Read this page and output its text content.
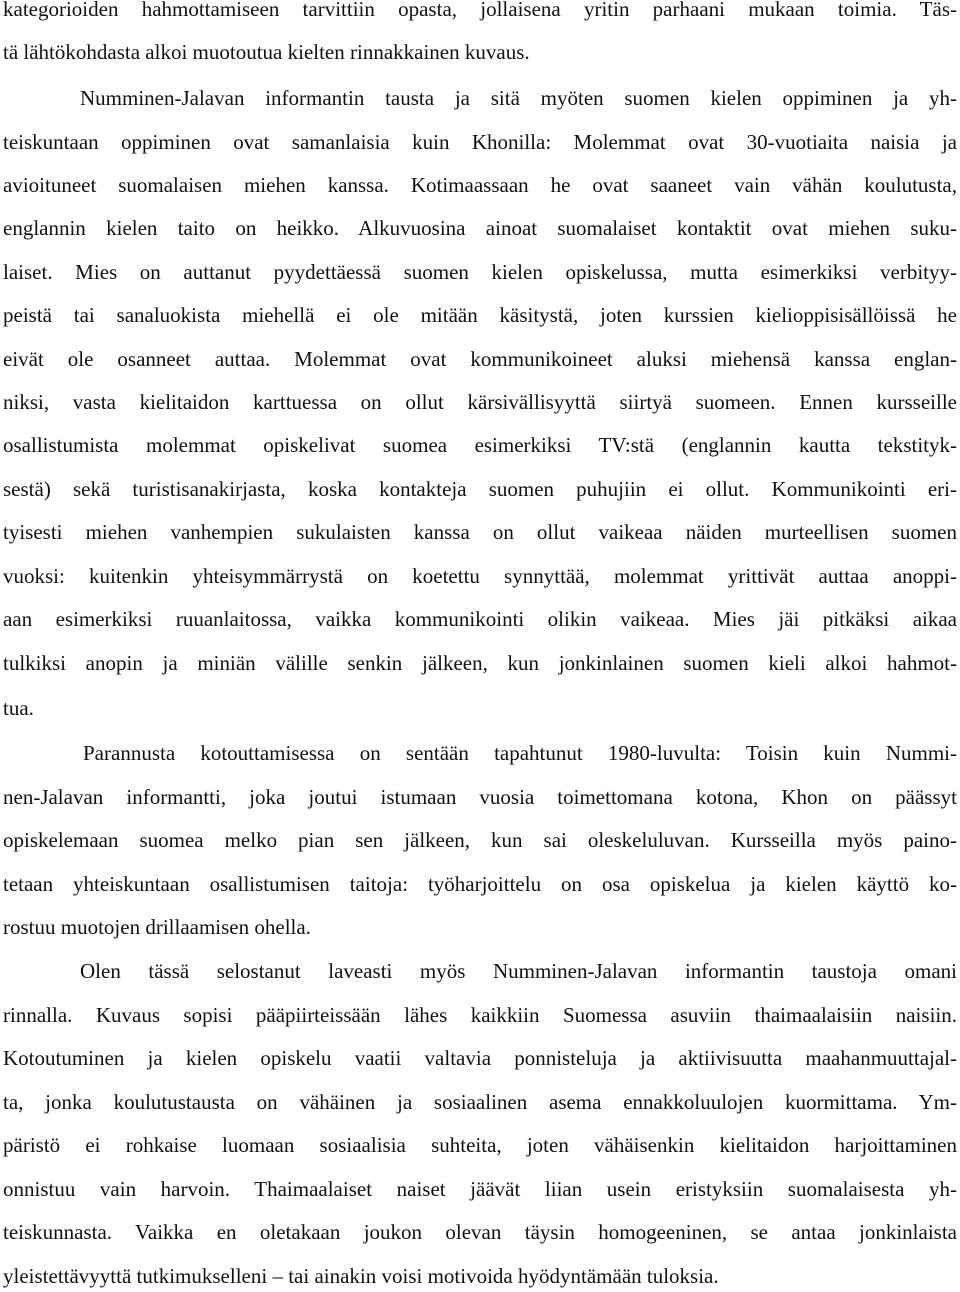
kategorioiden hahmottamiseen tarvittiin opasta, jollaisena yritin parhaani mukaan toimia. Täs-
tä lähtökohdasta alkoi muotoutua kielten rinnakkainen kuvaus.
Numminen-Jalavan informantin tausta ja sitä myöten suomen kielen oppiminen ja yh-
teiskuntaan oppiminen ovat samanlaisia kuin Khonilla: Molemmat ovat 30-vuotiaita naisia ja
avioituneet suomalaisen miehen kanssa. Kotimaassaan he ovat saaneet vain vähän koulutusta,
englannin kielen taito on heikko. Alkuvuosina ainoat suomalaiset kontaktit ovat miehen suku-
laiset. Mies on auttanut pyydettäessä suomen kielen opiskelussa, mutta esimerkiksi verbityy-
peistä tai sanaluokista miehellä ei ole mitään käsitystä, joten kurssien kielioppisisällöissä he
eivät ole osanneet auttaa. Molemmat ovat kommunikoineet aluksi miehensä kanssa englan-
niksi, vasta kielitaidon karttuessa on ollut kärsivällisyyttä siirtyä suomeen. Ennen kursseille
osallistumista molemmat opiskelivat suomea esimerkiksi TV:stä (englannin kautta tekstityk-
sestä) sekä turistisanakirjasta, koska kontakteja suomen puhujiin ei ollut. Kommunikointi eri-
tyisesti miehen vanhempien sukulaisten kanssa on ollut vaikeaa näiden murteellisen suomen
vuoksi: kuitenkin yhteisymmärrystä on koetettu synnyttää, molemmat yrittivät auttaa anoppi-
aan esimerkiksi ruuanlaitossa, vaikka kommunikointi olikin vaikeaa. Mies jäi pitkäksi aikaa
tulkiksi anopin ja miniän välille senkin jälkeen, kun jonkinlainen suomen kieli alkoi hahmot-
tua.
Parannusta kotouttamisessa on sentään tapahtunut 1980-luvulta: Toisin kuin Nummi-
nen-Jalavan informantti, joka joutui istumaan vuosia toimettomana kotona, Khon on päässyt
opiskelemaan suomea melko pian sen jälkeen, kun sai oleskeluluvan. Kursseilla myös paino-
tetaan yhteiskuntaan osallistumisen taitoja: työharjoittelu on osa opiskelua ja kielen käyttö ko-
rostuu muotojen drillaamisen ohella.
Olen tässä selostanut laveasti myös Numminen-Jalavan informantin taustoja omani
rinnalla. Kuvaus sopisi pääpiirteissään lähes kaikkiin Suomessa asuviin thaimaalaisiin naisiin.
Kotoutuminen ja kielen opiskelu vaatii valtavia ponnisteluja ja aktiivisuutta maahanmuuttajal-
ta, jonka koulutustausta on vähäinen ja sosiaalinen asema ennakkoluulojen kuormittama. Ym-
päristö ei rohkaise luomaan sosiaalisia suhteita, joten vähäisenkin kielitaidon harjoittaminen
onnistuu vain harvoin. Thaimaalaiset naiset jäävät liian usein eristyksiin suomalaisesta yh-
teiskunnasta. Vaikka en oletakaan joukon olevan täysin homogeeninen, se antaa jonkinlaista
yleistettävyyttä tutkimukselleni – tai ainakin voisi motivoida hyödyntämään tuloksia.
